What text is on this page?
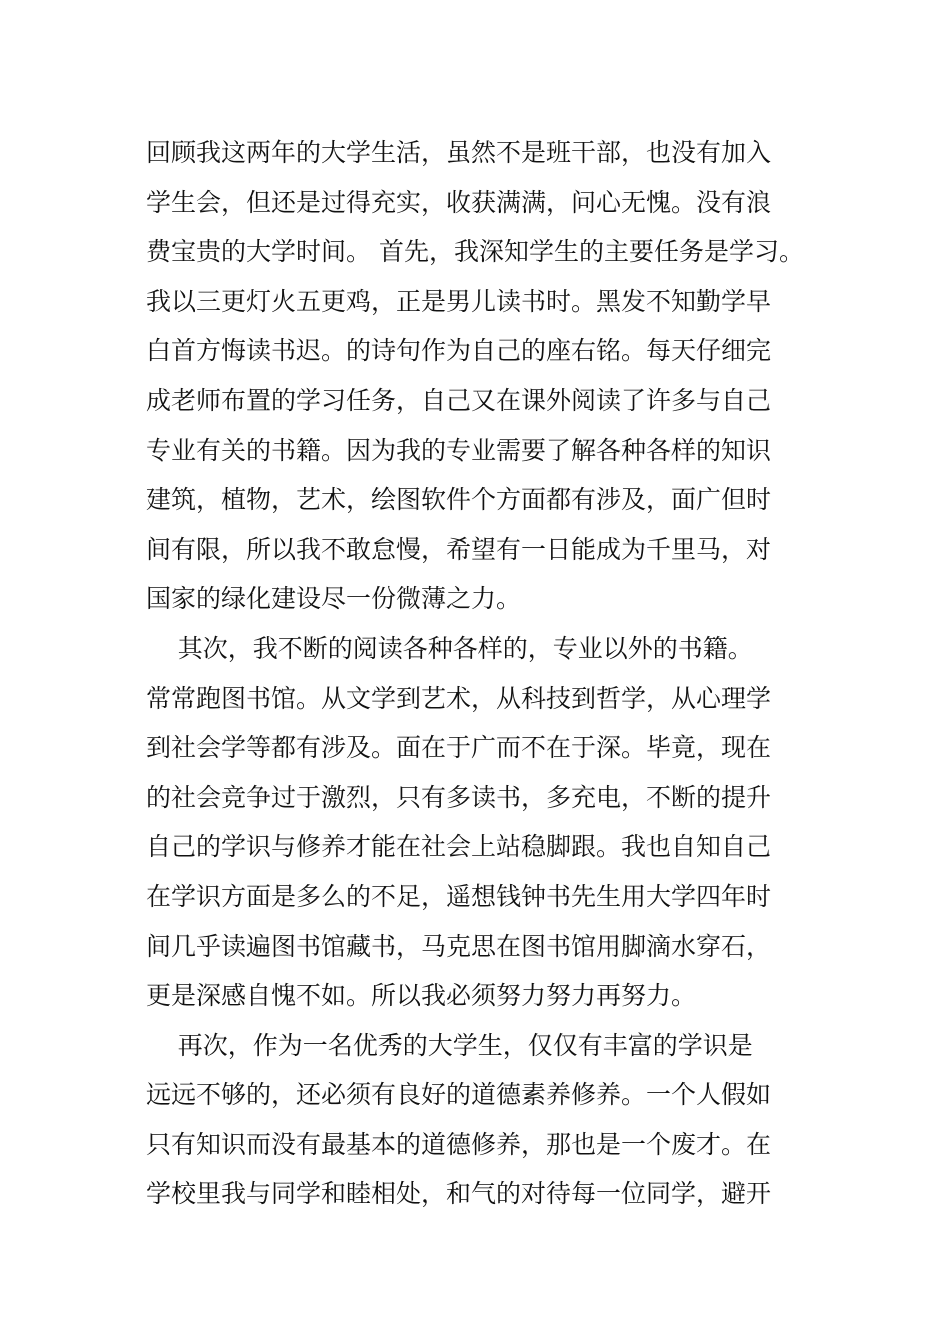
回顾我这两年的大学生活，虽然不是班干部，也没有加入
学生会，但还是过得充实，收获满满，问心无愧。没有浪
费宝贵的大学时间。 首先，我深知学生的主要任务是学习。
我以三更灯火五更鸡，正是男儿读书时。黑发不知勤学早
白首方悔读书迟。的诗句作为自己的座右铭。每天仔细完
成老师布置的学习任务，自己又在课外阅读了许多与自己
专业有关的书籍。因为我的专业需要了解各种各样的知识
建筑，植物，艺术，绘图软件个方面都有涉及，面广但时
间有限，所以我不敢怠慢，希望有一日能成为千里马，对
国家的绿化建设尽一份微薄之力。
其次，我不断的阅读各种各样的，专业以外的书籍。
常常跑图书馆。从文学到艺术，从科技到哲学，从心理学
到社会学等都有涉及。面在于广而不在于深。毕竟，现在
的社会竞争过于激烈，只有多读书，多充电，不断的提升
自己的学识与修养才能在社会上站稳脚跟。我也自知自己
在学识方面是多么的不足，遥想钱钟书先生用大学四年时
间几乎读遍图书馆藏书，马克思在图书馆用脚滴水穿石，
更是深感自愧不如。所以我必须努力努力再努力。
再次，作为一名优秀的大学生，仅仅有丰富的学识是
远远不够的，还必须有良好的道德素养修养。一个人假如
只有知识而没有最基本的道德修养，那也是一个废才。在
学校里我与同学和睦相处，和气的对待每一位同学，避开
